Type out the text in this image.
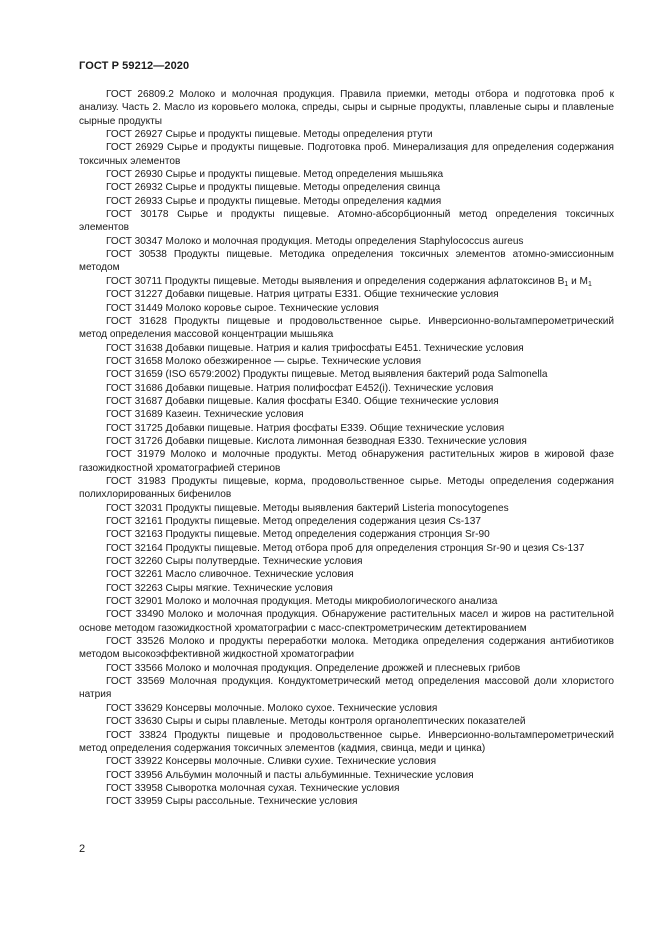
ГОСТ Р 59212—2020

ГОСТ 26809.2 Молоко и молочная продукция. Правила приемки, методы отбора и подготовка проб к анализу. Часть 2. Масло из коровьего молока, спреды, сыры и сырные продукты, плавленые сыры и плавленые сырные продукты

ГОСТ 26927 Сырье и продукты пищевые. Методы определения ртути

ГОСТ 26929 Сырье и продукты пищевые. Подготовка проб. Минерализация для определения содержания токсичных элементов

ГОСТ 26930 Сырье и продукты пищевые. Метод определения мышьяка

ГОСТ 26932 Сырье и продукты пищевые. Методы определения свинца

ГОСТ 26933 Сырье и продукты пищевые. Методы определения кадмия

ГОСТ 30178 Сырье и продукты пищевые. Атомно-абсорбционный метод определения токсичных элементов

ГОСТ 30347 Молоко и молочная продукция. Методы определения Staphylococcus aureus

ГОСТ 30538 Продукты пищевые. Методика определения токсичных элементов атомно-эмиссионным методом

ГОСТ 30711 Продукты пищевые. Методы выявления и определения содержания афлатоксинов $B_1$ и $M_1$

ГОСТ 31227 Добавки пищевые. Натрия цитраты Е331. Общие технические условия

ГОСТ 31449 Молоко коровье сырое. Технические условия

ГОСТ 31628 Продукты пищевые и продовольственное сырье. Инверсионно-вольтамперометрический метод определения массовой концентрации мышьяка

ГОСТ 31638 Добавки пищевые. Натрия и калия трифосфаты Е451. Технические условия

ГОСТ 31658 Молоко обезжиренное — сырье. Технические условия

ГОСТ 31659 (ISO 6579:2002) Продукты пищевые. Метод выявления бактерий рода Salmonella

ГОСТ 31686 Добавки пищевые. Натрия полифосфат Е452(i). Технические условия

ГОСТ 31687 Добавки пищевые. Калия фосфаты Е340. Общие технические условия

ГОСТ 31689 Казеин. Технические условия

ГОСТ 31725 Добавки пищевые. Натрия фосфаты Е339. Общие технические условия

ГОСТ 31726 Добавки пищевые. Кислота лимонная безводная Е330. Технические условия

ГОСТ 31979 Молоко и молочные продукты. Метод обнаружения растительных жиров в жировой фазе газожидкостной хроматографией стеринов

ГОСТ 31983 Продукты пищевые, корма, продовольственное сырье. Методы определения содержания полихлорированных бифенилов

ГОСТ 32031 Продукты пищевые. Методы выявления бактерий Listeria monocytogenes

ГОСТ 32161 Продукты пищевые. Метод определения содержания цезия Cs-137

ГОСТ 32163 Продукты пищевые. Метод определения содержания стронция Sr-90

ГОСТ 32164 Продукты пищевые. Метод отбора проб для определения стронция Sr-90 и цезия Cs-137

ГОСТ 32260 Сыры полутвердые. Технические условия

ГОСТ 32261 Масло сливочное. Технические условия

ГОСТ 32263 Сыры мягкие. Технические условия

ГОСТ 32901 Молоко и молочная продукция. Методы микробиологического анализа

ГОСТ 33490 Молоко и молочная продукция. Обнаружение растительных масел и жиров на растительной основе методом газожидкостной хроматографии с масс-спектрометрическим детектированием

ГОСТ 33526 Молоко и продукты переработки молока. Методика определения содержания антибиотиков методом высокоэффективной жидкостной хроматографии

ГОСТ 33566 Молоко и молочная продукция. Определение дрожжей и плесневых грибов

ГОСТ 33569 Молочная продукция. Кондуктометрический метод определения массовой доли хлористого натрия

ГОСТ 33629 Консервы молочные. Молоко сухое. Технические условия

ГОСТ 33630 Сыры и сыры плавленые. Методы контроля органолептических показателей

ГОСТ 33824 Продукты пищевые и продовольственное сырье. Инверсионно-вольтамперометрический метод определения содержания токсичных элементов (кадмия, свинца, меди и цинка)

ГОСТ 33922 Консервы молочные. Сливки сухие. Технические условия

ГОСТ 33956 Альбумин молочный и пасты альбуминные. Технические условия

ГОСТ 33958 Сыворотка молочная сухая. Технические условия

ГОСТ 33959 Сыры рассольные. Технические условия

2
